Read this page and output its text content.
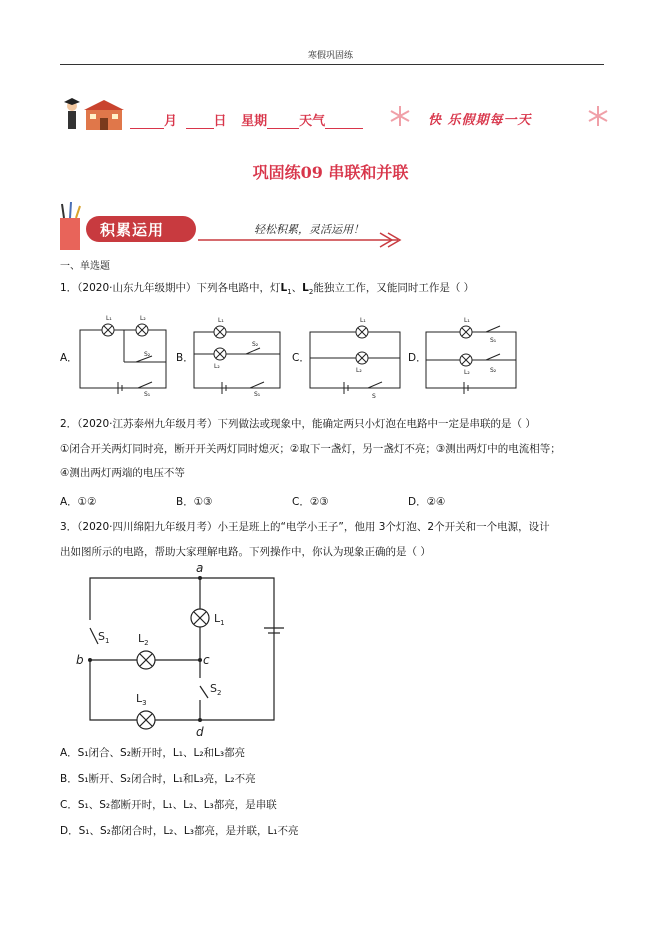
寒假巩固练
月	日 星期 天气	快 乐假期每一天
巩固练09 串联和并联
积累运用	轻松积累，灵活运用！
一、单选题
1．（2020·山东九年级期中）下列各电路中，灯$L_1$、$L_2$能独立工作，又能同时工作是（ ）
A．	B．	C．	D．
L₁	L₂
S₂
S₁
L₁
L₂
S₂
S₁
L₁
L₂
S
L₁
S₁
L₂	S₂
2．（2020·江苏泰州九年级月考）下列做法或现象中，能确定两只小灯泡在电路中一定是串联的是（ ）
①闭合开关两灯同时亮，断开开关两灯同时熄灭；②取下一盏灯，另一盏灯不亮；③测出两灯中的电流相等；
④测出两灯两端的电压不等
A．①②	B．①③	C．②③	D．②④
3．（2020·四川绵阳九年级月考）小王是班上的“电学小王子”，他用 3个灯泡、2个开关和一个电源，设计
出如图所示的电路，帮助大家理解电路。下列操作中，你认为现象正确的是（ ）
a
b	c
d
$L_1$
$L_2$
$L_3$
$S_1$
$S_2$
A．S₁闭合、S₂断开时，L₁、L₂和L₃都亮
B．S₁断开、S₂闭合时，L₁和L₃亮，L₂不亮
C．S₁、S₂都断开时，L₁、L₂、L₃都亮，是串联
D．S₁、S₂都闭合时，L₂、L₃都亮，是并联，L₁不亮
